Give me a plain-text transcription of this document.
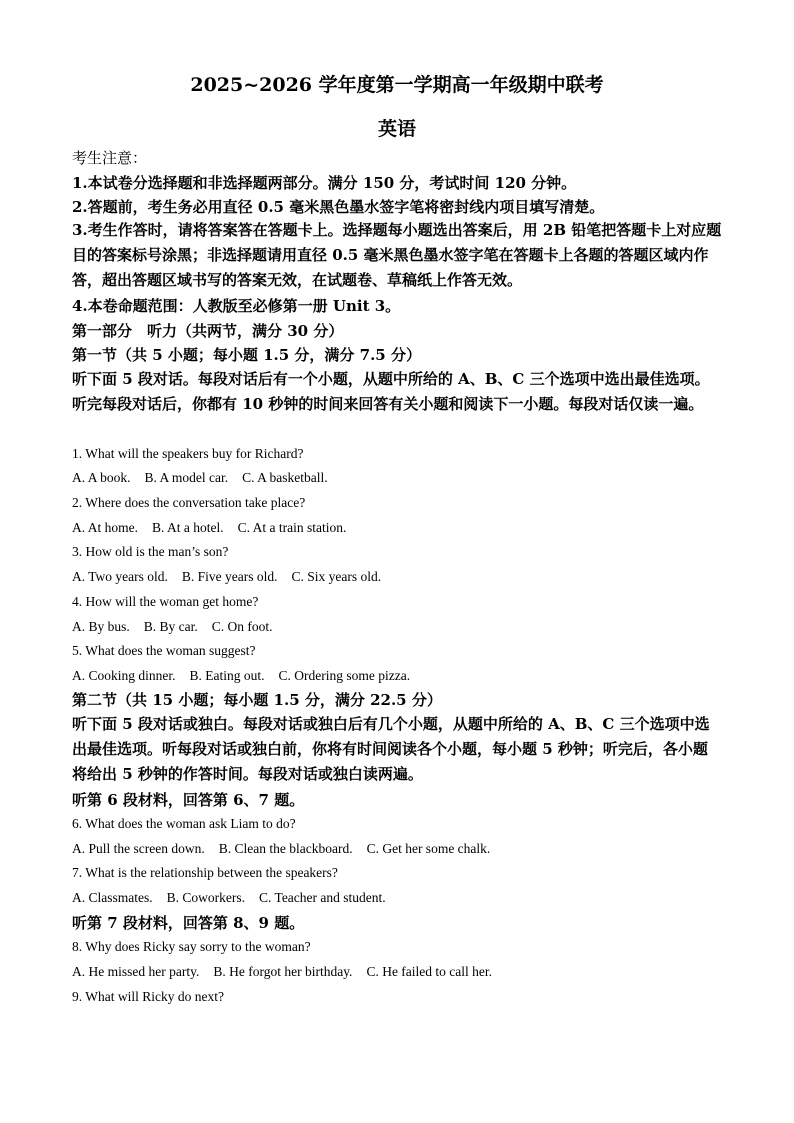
2025~2026 学年度第一学期高一年级期中联考
英语
考生注意：
1.本试卷分选择题和非选择题两部分。满分 150 分，考试时间 120 分钟。
2.答题前，考生务必用直径 0.5 毫米黑色墨水签字笔将密封线内项目填写清楚。
3.考生作答时，请将答案答在答题卡上。选择题每小题选出答案后，用 2B 铅笔把答题卡上对应题目的答案标号涂黑；非选择题请用直径 0.5 毫米黑色墨水签字笔在答题卡上各题的答题区域内作答，超出答题区域书写的答案无效，在试题卷、草稿纸上作答无效。
4.本卷命题范围：人教版至必修第一册 Unit 3。
第一部分　听力（共两节，满分 30 分）
第一节（共 5 小题；每小题 1.5 分，满分 7.5 分）
听下面 5 段对话。每段对话后有一个小题，从题中所给的 A、B、C 三个选项中选出最佳选项。听完每段对话后，你都有 10 秒钟的时间来回答有关小题和阅读下一小题。每段对话仅读一遍。
1. What will the speakers buy for Richard?
A. A book. B. A model car. C. A basketball.
2. Where does the conversation take place?
A. At home. B. At a hotel. C. At a train station.
3. How old is the man’s son?
A. Two years old. B. Five years old. C. Six years old.
4. How will the woman get home?
A. By bus. B. By car. C. On foot.
5. What does the woman suggest?
A. Cooking dinner. B. Eating out. C. Ordering some pizza.
第二节（共 15 小题；每小题 1.5 分，满分 22.5 分）
听下面 5 段对话或独白。每段对话或独白后有几个小题，从题中所给的 A、B、C 三个选项中选出最佳选项。听每段对话或独白前，你将有时间阅读各个小题，每小题 5 秒钟；听完后，各小题将给出 5 秒钟的作答时间。每段对话或独白读两遍。
听第 6 段材料，回答第 6、7 题。
6. What does the woman ask Liam to do?
A. Pull the screen down. B. Clean the blackboard. C. Get her some chalk.
7. What is the relationship between the speakers?
A. Classmates. B. Coworkers. C. Teacher and student.
听第 7 段材料，回答第 8、9 题。
8. Why does Ricky say sorry to the woman?
A. He missed her party. B. He forgot her birthday. C. He failed to call her.
9. What will Ricky do next?
